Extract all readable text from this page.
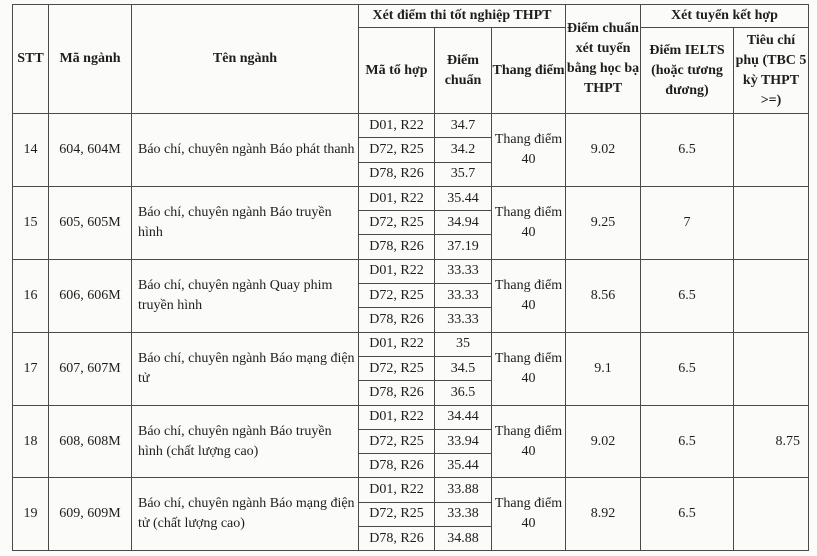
STT	Mã ngành	Tên ngành	Xét điểm thi tốt nghiệp THPT			Điểm chuẩn xét tuyển bằng học bạ THPT	Xét tuyển kết hợp	
			Mã tổ hợp	Điểm chuẩn	Thang điểm		Điểm IELTS (hoặc tương đương)	Tiêu chí phụ (TBC 5 kỳ THPT >=)
14	604, 604M	Báo chí, chuyên ngành Báo phát thanh	D01, R22	34.7	Thang điểm 40	9.02	6.5	
			D72, R25	34.2				
			D78, R26	35.7				
15	605, 605M	Báo chí, chuyên ngành Báo truyền hình	D01, R22	35.44	Thang điểm 40	9.25	7	
			D72, R25	34.94				
			D78, R26	37.19				
16	606, 606M	Báo chí, chuyên ngành Quay phim truyền hình	D01, R22	33.33	Thang điểm 40	8.56	6.5	
			D72, R25	33.33				
			D78, R26	33.33				
17	607, 607M	Báo chí, chuyên ngành Báo mạng điện tử	D01, R22	35	Thang điểm 40	9.1	6.5	
			D72, R25	34.5				
			D78, R26	36.5				
18	608, 608M	Báo chí, chuyên ngành Báo truyền hình (chất lượng cao)	D01, R22	34.44	Thang điểm 40	9.02	6.5	8.75
			D72, R25	33.94				
			D78, R26	35.44				
19	609, 609M	Báo chí, chuyên ngành Báo mạng điện tử (chất lượng cao)	D01, R22	33.88	Thang điểm 40	8.92	6.5	
			D72, R25	33.38				
			D78, R26	34.88				
